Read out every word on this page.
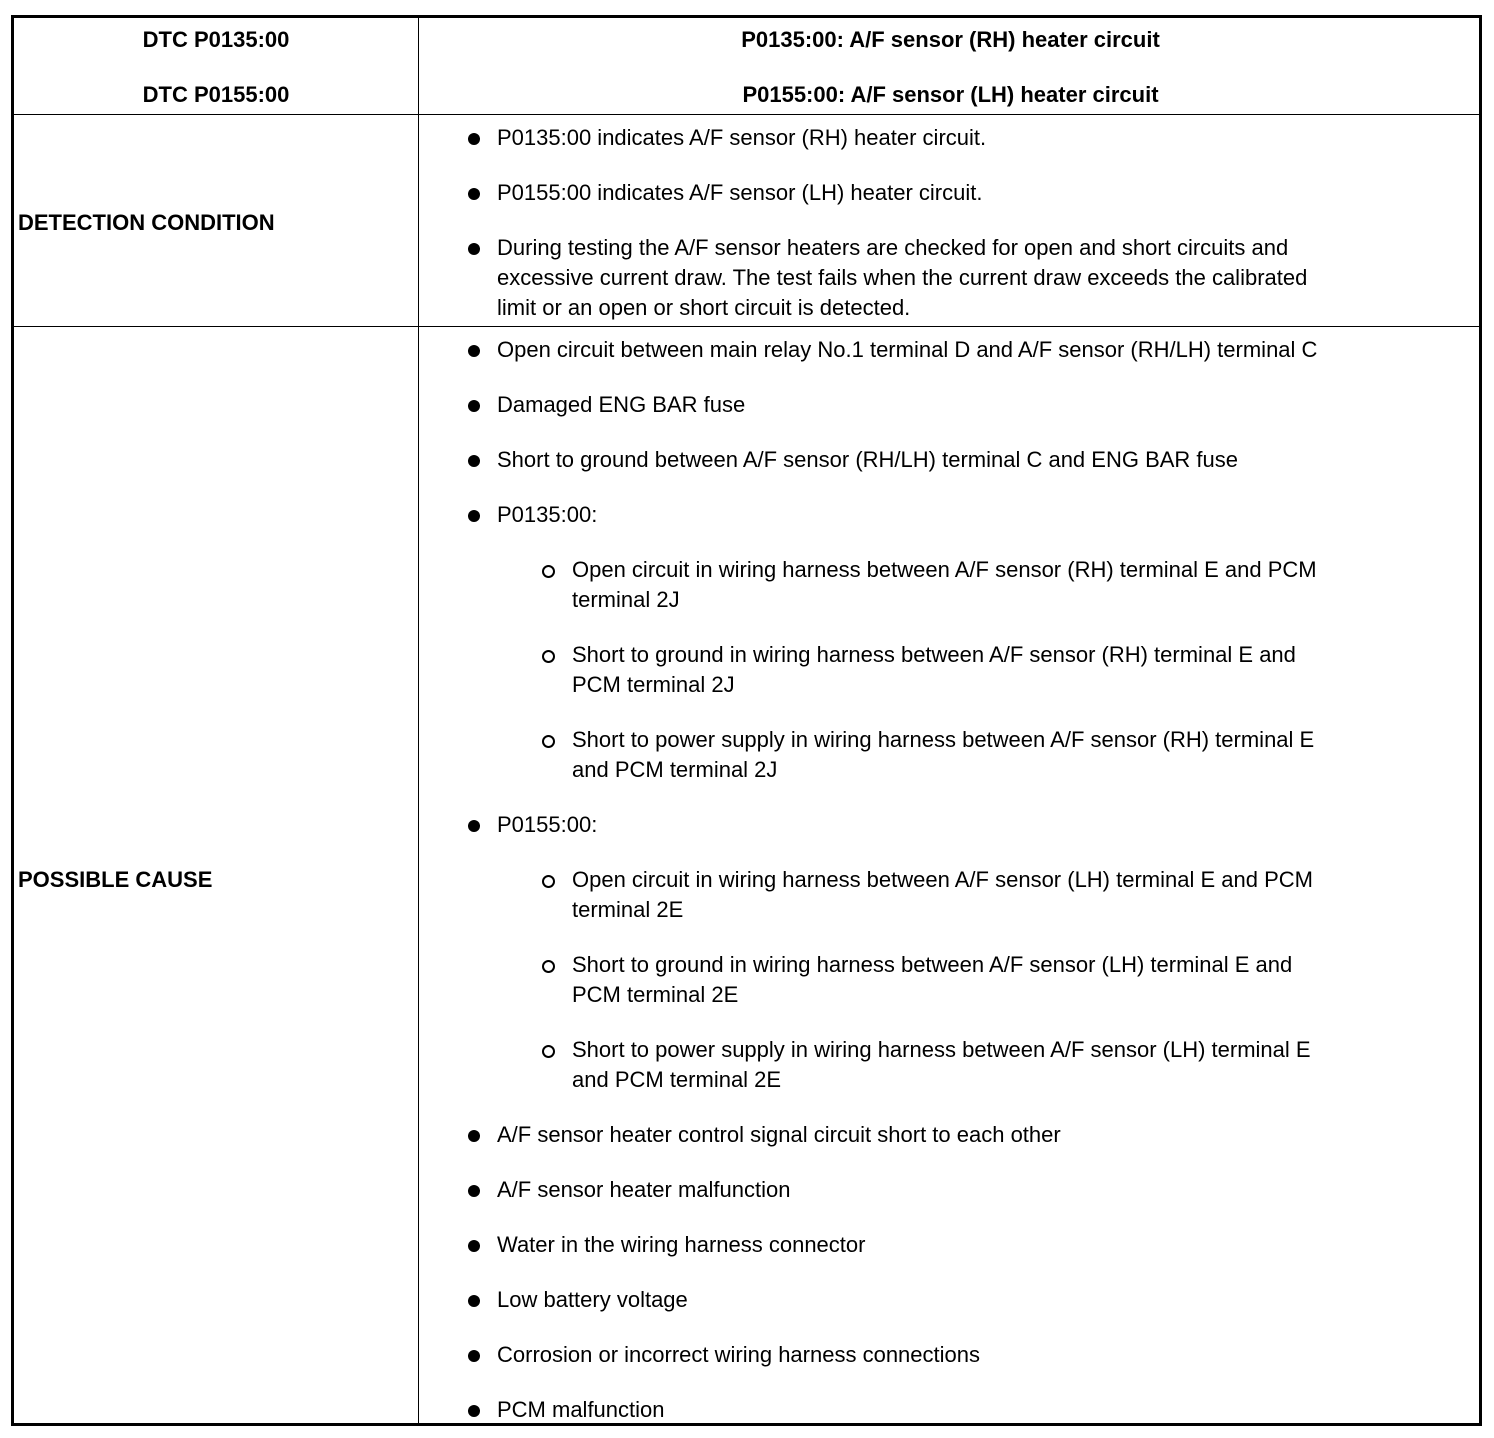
DTC P0135:00
DTC P0155:00
P0135:00: A/F sensor (RH) heater circuit
P0155:00: A/F sensor (LH) heater circuit
DETECTION CONDITION
P0135:00 indicates A/F sensor (RH) heater circuit.
P0155:00 indicates A/F sensor (LH) heater circuit.
During testing the A/F sensor heaters are checked for open and short circuits and
excessive current draw. The test fails when the current draw exceeds the calibrated
limit or an open or short circuit is detected.
POSSIBLE CAUSE
Open circuit between main relay No.1 terminal D and A/F sensor (RH/LH) terminal C
Damaged ENG BAR fuse
Short to ground between A/F sensor (RH/LH) terminal C and ENG BAR fuse
P0135:00:
Open circuit in wiring harness between A/F sensor (RH) terminal E and PCM
terminal 2J
Short to ground in wiring harness between A/F sensor (RH) terminal E and
PCM terminal 2J
Short to power supply in wiring harness between A/F sensor (RH) terminal E
and PCM terminal 2J
P0155:00:
Open circuit in wiring harness between A/F sensor (LH) terminal E and PCM
terminal 2E
Short to ground in wiring harness between A/F sensor (LH) terminal E and
PCM terminal 2E
Short to power supply in wiring harness between A/F sensor (LH) terminal E
and PCM terminal 2E
A/F sensor heater control signal circuit short to each other
A/F sensor heater malfunction
Water in the wiring harness connector
Low battery voltage
Corrosion or incorrect wiring harness connections
PCM malfunction
